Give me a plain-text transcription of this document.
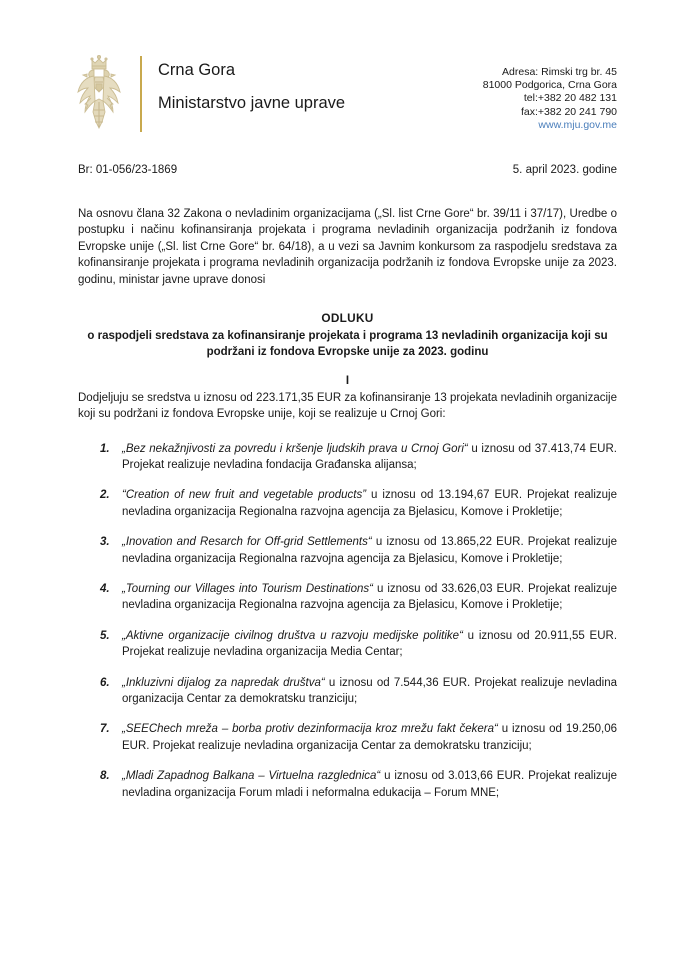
Crna Gora
Ministarstvo javne uprave
Adresa: Rimski trg br. 45
81000 Podgorica, Crna Gora
tel:+382 20 482 131
fax:+382 20 241 790
www.mju.gov.me
Br: 01-056/23-1869	5. april 2023. godine

Na osnovu člana 32 Zakona o nevladinim organizacijama („Sl. list Crne Gore“ br. 39/11 i 37/17), Uredbe o postupku i načinu kofinansiranja projekata i programa nevladinih organizacija podržanih iz fondova Evropske unije („Sl. list Crne Gore“ br. 64/18), a u vezi sa Javnim konkursom za raspodjelu sredstava za kofinansiranje projekata i programa nevladinih organizacija podržanih iz fondova Evropske unije za 2023. godinu, ministar javne uprave donosi

ODLUKU
o raspodjeli sredstava za kofinansiranje projekata i programa 13 nevladinih organizacija koji su podržani iz fondova Evropske unije za 2023. godinu
I

Dodjeljuju se sredstva u iznosu od 223.171,35 EUR za kofinansiranje 13 projekata nevladinih organizacije koji su podržani iz fondova Evropske unije, koji se realizuje u Crnoj Gori:

„Bez nekažnjivosti za povredu i kršenje ljudskih prava u Crnoj Gori“ u iznosu od 37.413,74 EUR. Projekat realizuje nevladina fondacija Građanska alijansa;
“Creation of new fruit and vegetable products” u iznosu od 13.194,67 EUR. Projekat realizuje nevladina organizacija Regionalna razvojna agencija za Bjelasicu, Komove i Prokletije;
„Inovation and Resarch for Off-grid Settlements“ u iznosu od 13.865,22 EUR. Projekat realizuje nevladina organizacija Regionalna razvojna agencija za Bjelasicu, Komove i Prokletije;
„Tourning our Villages into Tourism Destinations“ u iznosu od 33.626,03 EUR. Projekat realizuje nevladina organizacija Regionalna razvojna agencija za Bjelasicu, Komove i Prokletije;
„Aktivne organizacije civilnog društva u razvoju medijske politike“ u iznosu od 20.911,55 EUR. Projekat realizuje nevladina organizacija Media Centar;
„Inkluzivni dijalog za napredak društva“ u iznosu od 7.544,36 EUR. Projekat realizuje nevladina organizacija Centar za demokratsku tranziciju;
„SEEChech mreža – borba protiv dezinformacija kroz mrežu fakt čekera“ u iznosu od 19.250,06 EUR. Projekat realizuje nevladina organizacija Centar za demokratsku tranziciju;
„Mladi Zapadnog Balkana – Virtuelna razglednica“ u iznosu od 3.013,66 EUR. Projekat realizuje nevladina organizacija Forum mladi i neformalna edukacija – Forum MNE;
